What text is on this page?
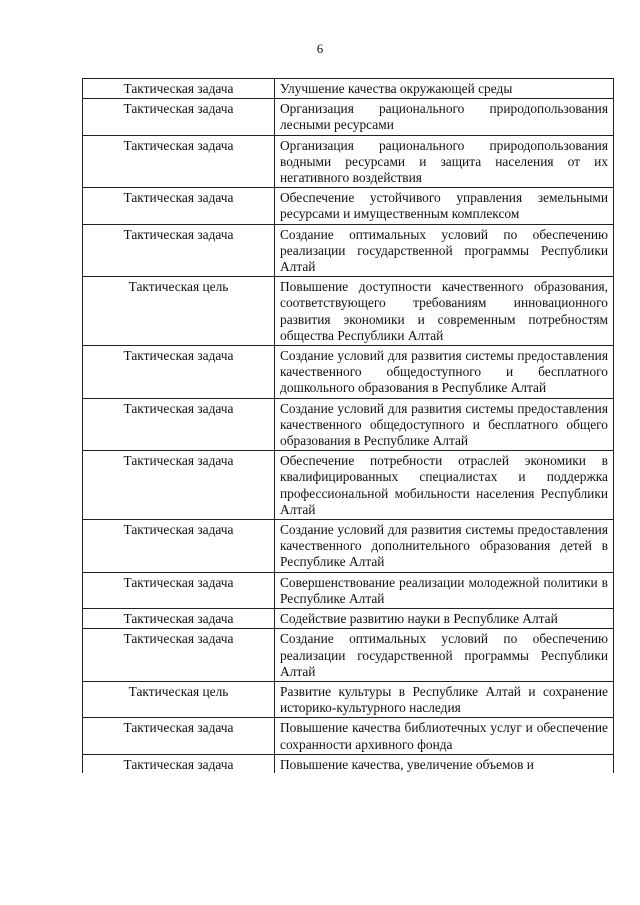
6
Тактическая задача	Улучшение качества окружающей среды
Тактическая задача	Организация рационального природопользования лесными ресурсами
Тактическая задача	Организация рационального природопользования водными ресурсами и защита населения от их негативного воздействия
Тактическая задача	Обеспечение устойчивого управления земельными ресурсами и имущественным комплексом
Тактическая задача	Создание оптимальных условий по обеспечению реализации государственной программы Республики Алтай
Тактическая цель	Повышение доступности качественного образования, соответствующего требованиям инновационного развития экономики и современным потребностям общества Республики Алтай
Тактическая задача	Создание условий для развития системы предоставления качественного общедоступного и бесплатного дошкольного образования в Республике Алтай
Тактическая задача	Создание условий для развития системы предоставления качественного общедоступного и бесплатного общего образования в Республике Алтай
Тактическая задача	Обеспечение потребности отраслей экономики в квалифицированных специалистах и поддержка профессиональной мобильности населения Республики Алтай
Тактическая задача	Создание условий для развития системы предоставления качественного дополнительного образования детей в Республике Алтай
Тактическая задача	Совершенствование реализации молодежной политики в Республике Алтай
Тактическая задача	Содействие развитию науки в Республике Алтай
Тактическая задача	Создание оптимальных условий по обеспечению реализации государственной программы Республики Алтай
Тактическая цель	Развитие культуры в Республике Алтай и сохранение историко-культурного наследия
Тактическая задача	Повышение качества библиотечных услуг и обеспечение сохранности архивного фонда
Тактическая задача	Повышение качества, увеличение объемов и
